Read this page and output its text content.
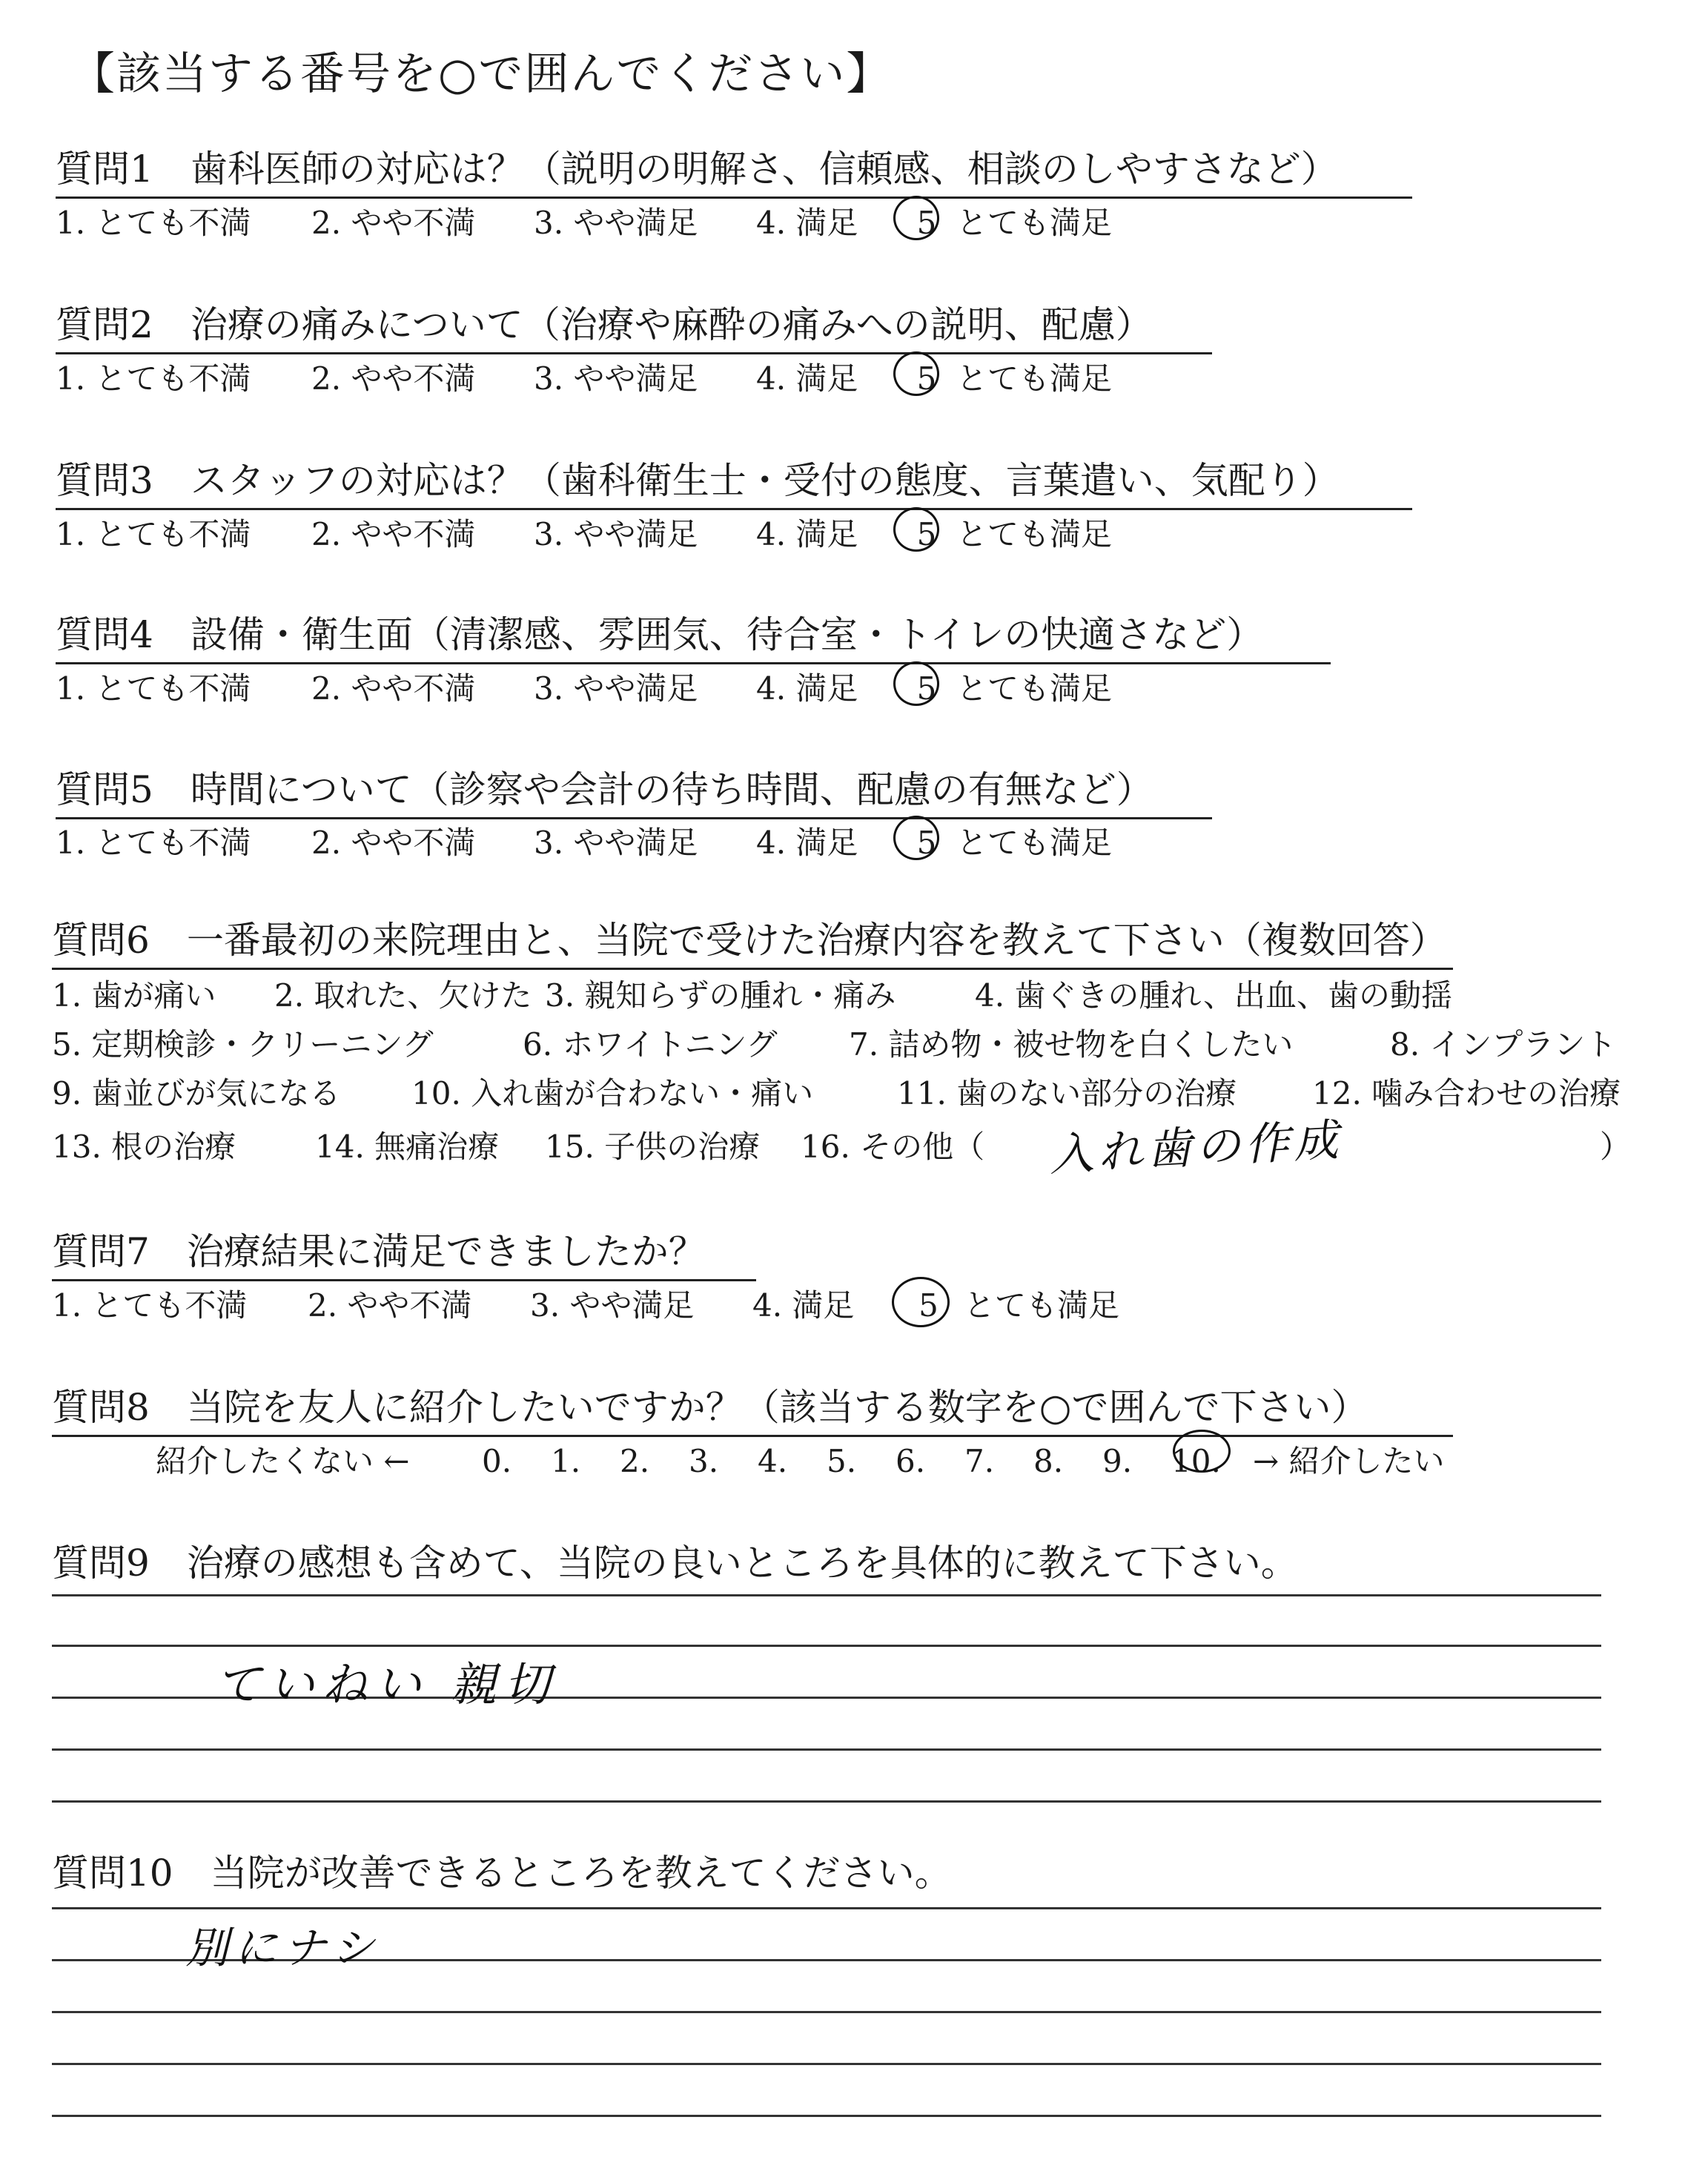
【該当する番号を○で囲んでください】
質問1　 歯科医師の対応は？（説明の明解さ、信頼感、相談のしやすさなど）
1. とても不満 2. やや不満 3. やや満足 4. 満足 5 とても満足
質問2　 治療の痛みについて（治療や麻酔の痛みへの説明、配慮）
1. とても不満 2. やや不満 3. やや満足 4. 満足 5 とても満足
質問3　 スタッフの対応は？（歯科衛生士・受付の態度、言葉遣い、気配り）
1. とても不満 2. やや不満 3. やや満足 4. 満足 5 とても満足
質問4　 設備・衛生面（清潔感、雰囲気、待合室・トイレの快適さなど）
1. とても不満 2. やや不満 3. やや満足 4. 満足 5 とても満足
質問5　 時間について（診察や会計の待ち時間、配慮の有無など）
1. とても不満 2. やや不満 3. やや満足 4. 満足 5 とても満足
質問6　 一番最初の来院理由と、当院で受けた治療内容を教えて下さい（複数回答）
1. 歯が痛い 2. 取れた、欠けた 3. 親知らずの腫れ・痛み	4. 歯ぐきの腫れ、出血、歯の動揺
5. 定期検診・クリーニング	6. ホワイトニング 7. 詰め物・被せ物を白くしたい	8. インプラント
9. 歯並びが気になる 10. 入れ歯が合わない・痛い	11. 歯のない部分の治療 12. 噛み合わせの治療
13. 根の治療	14. 無痛治療 15. 子供の治療 16. その他（ 入れ歯の作成	）
質問7　 治療結果に満足できましたか？
1. とても不満 2. やや不満 3. やや満足 4. 満足 5 とても満足
質問8　 当院を友人に紹介したいですか？（該当する数字を○で囲んで下さい）
紹介したくない ← 0. 1. 2. 3. 4. 5. 6. 7. 8. 9. 10. → 紹介したい
質問9　 治療の感想も含めて、当院の良いところを具体的に教えて下さい。
ていねい 親切
質問10　 当院が改善できるところを教えてください。
別にナシ
